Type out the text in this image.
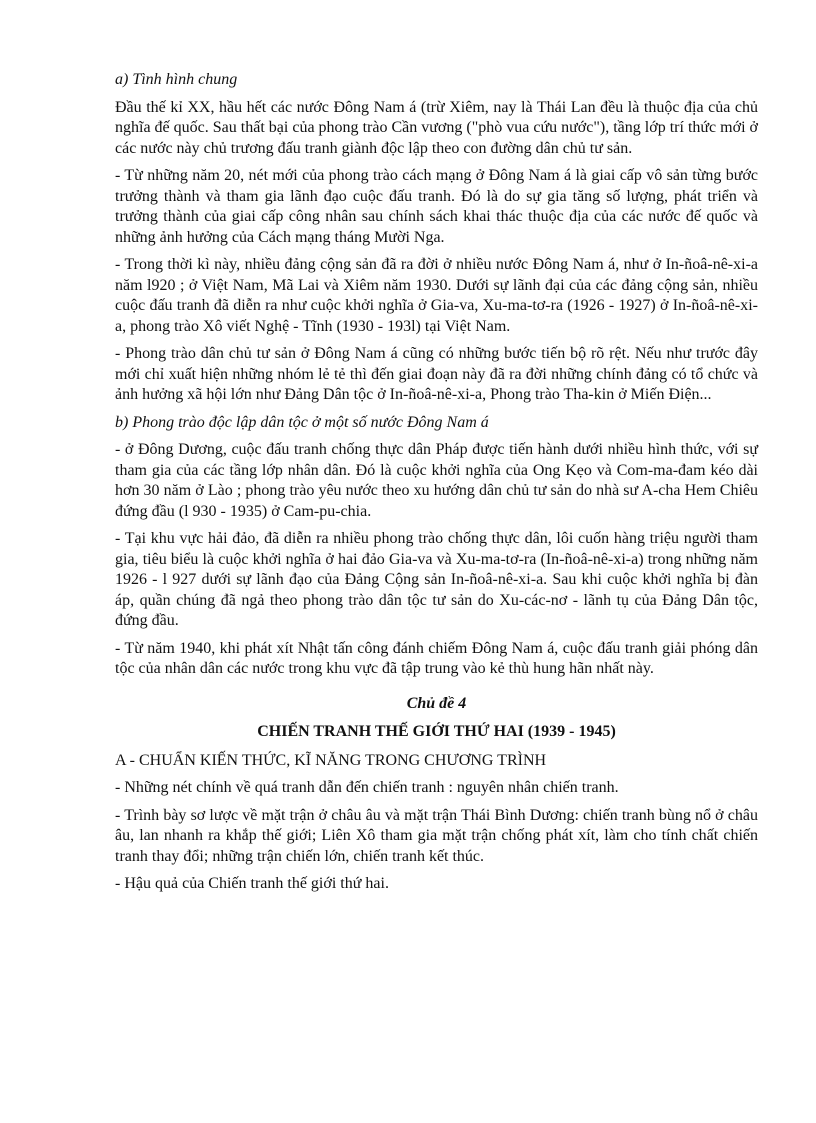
a) Tình hình chung

Đầu thế kỉ XX, hầu hết các nước Đông Nam á (trừ Xiêm, nay là Thái Lan đều là thuộc địa của chủ nghĩa đế quốc. Sau thất bại của phong trào Cần vương ("phò vua cứu nước"), tầng lớp trí thức mới ở các nước này chủ trương đấu tranh giành độc lập theo con đường dân chủ tư sản.

- Từ những năm 20, nét mới của phong trào cách mạng ở Đông Nam á là giai cấp vô sản từng bước trưởng thành và tham gia lãnh đạo cuộc đấu tranh. Đó là do sự gia tăng số lượng, phát triển và trưởng thành của giai cấp công nhân sau chính sách khai thác thuộc địa của các nước đế quốc và những ảnh hưởng của Cách mạng tháng Mười Nga.

- Trong thời kì này, nhiều đảng cộng sản đã ra đời ở nhiều nước Đông Nam á, như ở In-ñoâ-nê-xi-a năm l920 ; ở Việt Nam, Mã Lai và Xiêm năm 1930. Dưới sự lãnh đại của các đảng cộng sản, nhiều cuộc đấu tranh đã diễn ra như cuộc khởi nghĩa ở Gia-va, Xu-ma-tơ-ra (1926 - 1927) ở In-ñoâ-nê-xi-a, phong trào Xô viết Nghệ - Tĩnh (1930 - 193l) tại Việt Nam.

- Phong trào dân chủ tư sản ở Đông Nam á cũng có những bước tiến bộ rõ rệt. Nếu như trước đây mới chỉ xuất hiện những nhóm lẻ tẻ thì đến giai đoạn này đã ra đời những chính đảng có tổ chức và ảnh hưởng xã hội lớn như Đảng Dân tộc ở In-ñoâ-nê-xi-a, Phong trào Tha-kin ở Miến Điện...

b) Phong trào độc lập dân tộc ở một số nước Đông Nam á

- ở Đông Dương, cuộc đấu tranh chống thực dân Pháp được tiến hành dưới nhiều hình thức, với sự tham gia của các tầng lớp nhân dân. Đó là cuộc khởi nghĩa của Ong Kẹo và Com-ma-đam kéo dài hơn 30 năm ở Lào ; phong trào yêu nước theo xu hướng dân chủ tư sản do nhà sư A-cha Hem Chiêu đứng đầu (l 930 - 1935) ở Cam-pu-chia.

- Tại khu vực hải đảo, đã diễn ra nhiều phong trào chống thực dân, lôi cuốn hàng triệu người tham gia, tiêu biểu là cuộc khởi nghĩa ở hai đảo Gia-va và Xu-ma-tơ-ra (In-ñoâ-nê-xi-a) trong những năm 1926 - l 927 dưới sự lãnh đạo của Đảng Cộng sản In-ñoâ-nê-xi-a. Sau khi cuộc khởi nghĩa bị đàn áp, quần chúng đã ngả theo phong trào dân tộc tư sản do Xu-các-nơ - lãnh tụ của Đảng Dân tộc, đứng đầu.

- Từ năm 1940, khi phát xít Nhật tấn công đánh chiếm Đông Nam á, cuộc đấu tranh giải phóng dân tộc của nhân dân các nước trong khu vực đã tập trung vào kẻ thù hung hãn nhất này.

Chủ đề 4

CHIẾN TRANH THẾ GIỚI THỨ HAI (1939 - 1945)

A - CHUẨN KIẾN THỨC, KĨ NĂNG TRONG CHƯƠNG TRÌNH

- Những nét chính về quá tranh dẫn đến chiến tranh : nguyên nhân chiến tranh.

- Trình bày sơ lược về mặt trận ở châu âu và mặt trận Thái Bình Dương: chiến tranh bùng nổ ở châu âu, lan nhanh ra khắp thế giới; Liên Xô tham gia mặt trận chống phát xít, làm cho tính chất chiến tranh thay đổi; những trận chiến lớn, chiến tranh kết thúc.

- Hậu quả của Chiến tranh thế giới thứ hai.
